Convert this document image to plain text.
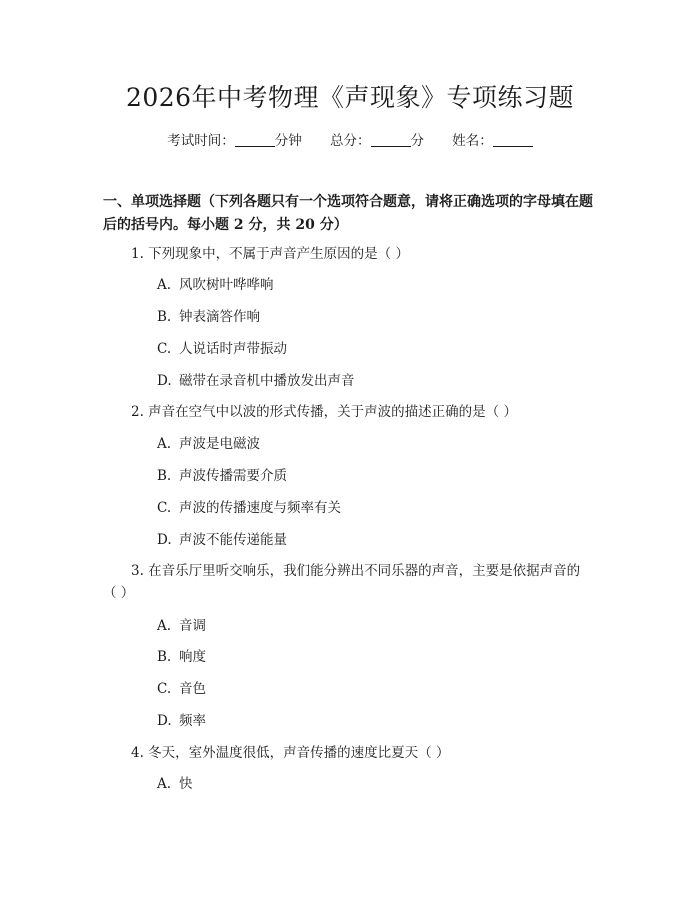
2026年中考物理《声现象》专项练习题
考试时间：	分钟 总分：	分 姓名：
一、单项选择题（下列各题只有一个选项符合题意，请将正确选项的字母填在题
后的括号内。每小题 2 分，共 20 分）
1. 下列现象中，不属于声音产生原因的是（ ）
A. 风吹树叶哗哗响
B. 钟表滴答作响
C. 人说话时声带振动
D. 磁带在录音机中播放发出声音
2. 声音在空气中以波的形式传播，关于声波的描述正确的是（ ）
A. 声波是电磁波
B. 声波传播需要介质
C. 声波的传播速度与频率有关
D. 声波不能传递能量
3. 在音乐厅里听交响乐，我们能分辨出不同乐器的声音，主要是依据声音的（ ）
A. 音调
B. 响度
C. 音色
D. 频率
4. 冬天，室外温度很低，声音传播的速度比夏天（ ）
A. 快
